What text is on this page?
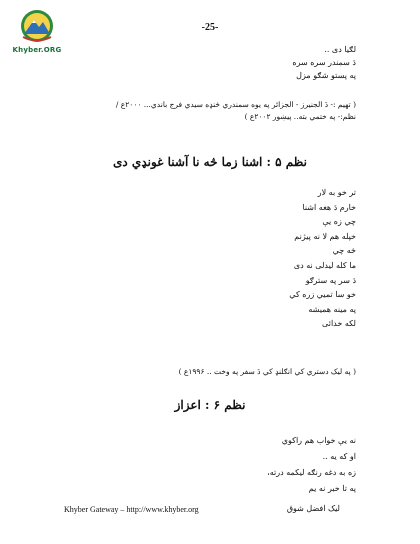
Khyber.ORG
-25-
لګیا دی ..
دَ سمندر سره سره
په پستو شګو مزل
( تهیم :- دَ الجنیرز - الجزائر په یوه سمندري څنډه سیدي فرج باندي... ۲۰۰۰ع /
نظم:- په ختمي بته.. پیښور ۲۰۰۲ع )
نظم ۵ : اشنا زما څه نا آشنا غونډي دی
تر خو به لار
خارم دَ هغه اشنا
چي زه یې
خپله هم لا نه پیژنم
څه چي
ما کله لیدلی نه دی
دَ سر په سترګو
خو سا تمیي زره کي
په مینه همیشه
لکه خدائی
( په لیک دستري کي انګلنډ کي دَ سفر په وخت .. ۱۹۹۶ع )
نظم ۶ : اعزاز
نه یې خواب هم راکوي
او که یه ..
زه به دغه رنګه لیکمه درته،
په تا خبر نه یم
Khyber Gateway – http://www.khyber.org	لیک افضل شوق
